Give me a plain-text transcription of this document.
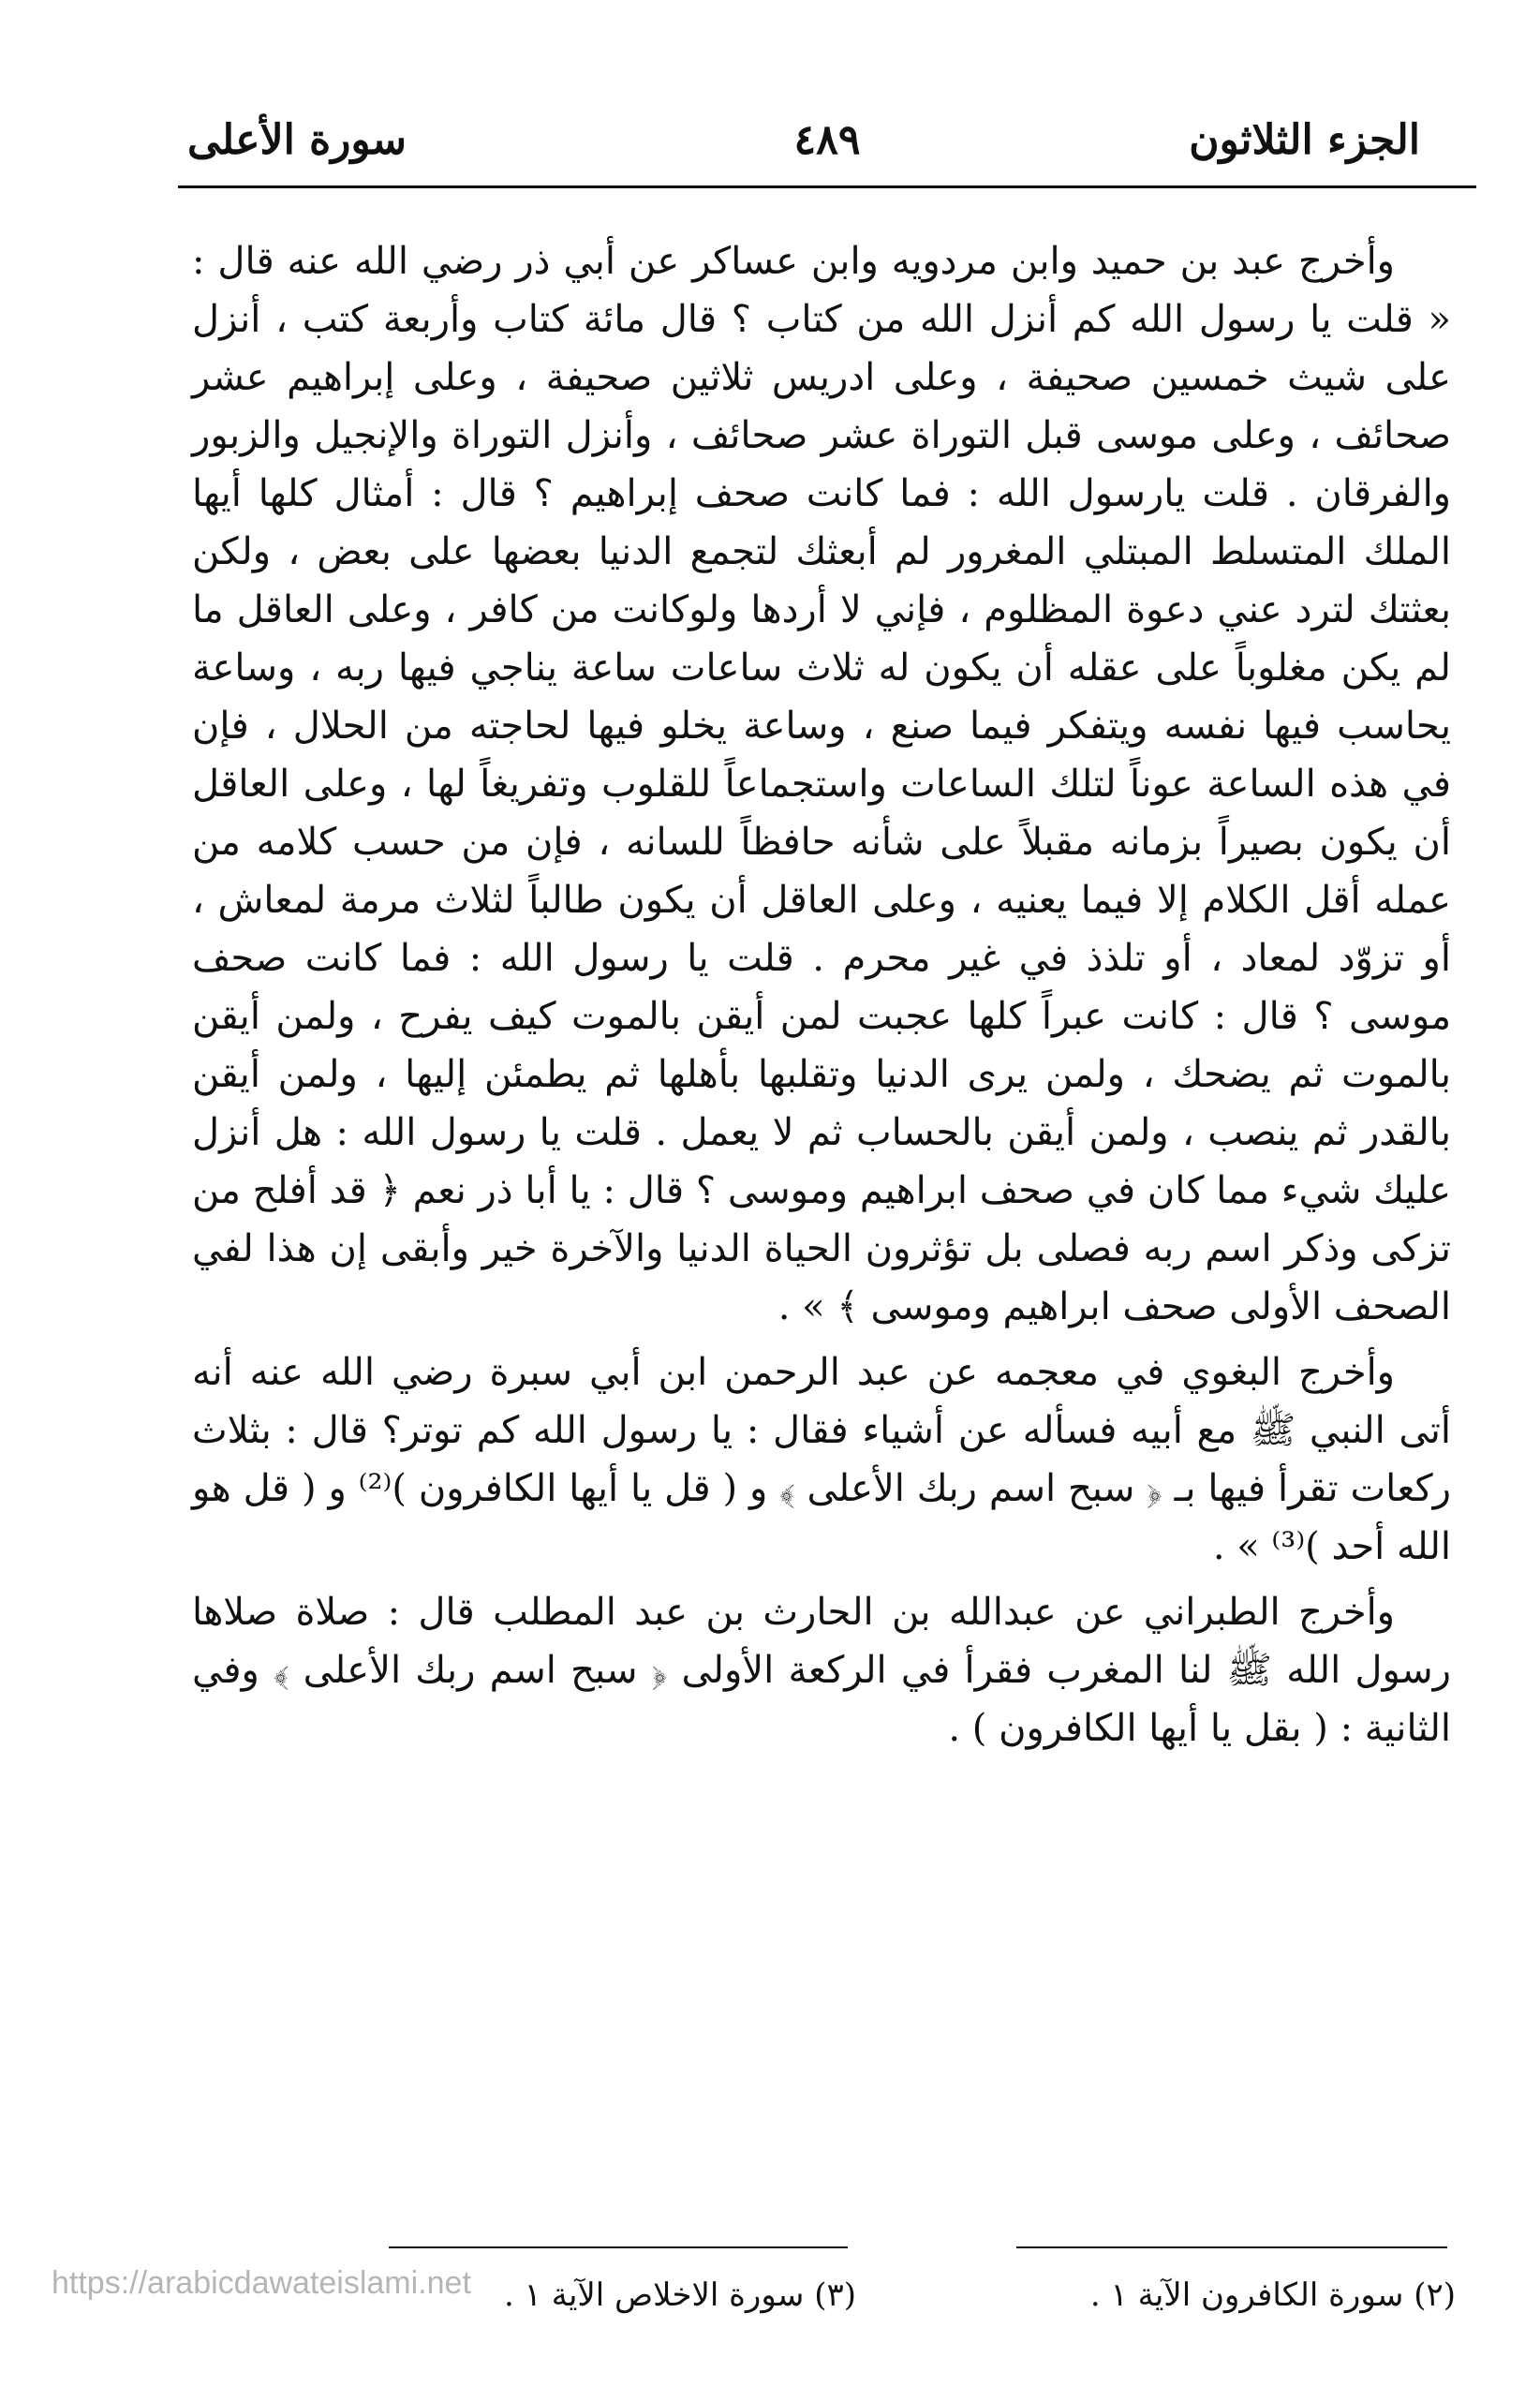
الجزء الثلاثون
٤٨٩
سورة الأعلى

وأخرج عبد بن حميد وابن مردويه وابن عساكر عن أبي ذر رضي الله عنه قال : « قلت يا رسول الله كم أنزل الله من كتاب ؟ قال مائة كتاب وأربعة كتب ، أنزل على شيث خمسين صحيفة ، وعلى ادريس ثلاثين صحيفة ، وعلى إبراهيم عشر صحائف ، وعلى موسى قبل التوراة عشر صحائف ، وأنزل التوراة والإنجيل والزبور والفرقان . قلت يارسول الله : فما كانت صحف إبراهيم ؟ قال : أمثال كلها أيها الملك المتسلط المبتلي المغرور لم أبعثك لتجمع الدنيا بعضها على بعض ، ولكن بعثتك لترد عني دعوة المظلوم ، فإني لا أردها ولوكانت من كافر ، وعلى العاقل ما لم يكن مغلوباً على عقله أن يكون له ثلاث ساعات ساعة يناجي فيها ربه ، وساعة يحاسب فيها نفسه ويتفكر فيما صنع ، وساعة يخلو فيها لحاجته من الحلال ، فإن في هذه الساعة عوناً لتلك الساعات واستجماعاً للقلوب وتفريغاً لها ، وعلى العاقل أن يكون بصيراً بزمانه مقبلاً على شأنه حافظاً للسانه ، فإن من حسب كلامه من عمله أقل الكلام إلا فيما يعنيه ، وعلى العاقل أن يكون طالباً لثلاث مرمة لمعاش ، أو تزوّد لمعاد ، أو تلذذ في غير محرم . قلت يا رسول الله : فما كانت صحف موسى ؟ قال : كانت عبراً كلها عجبت لمن أيقن بالموت كيف يفرح ، ولمن أيقن بالموت ثم يضحك ، ولمن يرى الدنيا وتقلبها بأهلها ثم يطمئن إليها ، ولمن أيقن بالقدر ثم ينصب ، ولمن أيقن بالحساب ثم لا يعمل . قلت يا رسول الله : هل أنزل عليك شيء مما كان في صحف ابراهيم وموسى ؟ قال : يا أبا ذر نعم ﴿ قد أفلح من تزكى وذكر اسم ربه فصلى بل تؤثرون الحياة الدنيا والآخرة خير وأبقى إن هذا لفي الصحف الأولى صحف ابراهيم وموسى ﴾ » .

وأخرج البغوي في معجمه عن عبد الرحمن ابن أبي سبرة رضي الله عنه أنه أتى النبي ﷺ مع أبيه فسأله عن أشياء فقال : يا رسول الله كم توتر؟ قال : بثلاث ركعات تقرأ فيها بـ ﴿ سبح اسم ربك الأعلى ﴾ و ( قل يا أيها الكافرون )⁽²⁾ و ( قل هو الله أحد )⁽³⁾ » .

وأخرج الطبراني عن عبدالله بن الحارث بن عبد المطلب قال : صلاة صلاها رسول الله ﷺ لنا المغرب فقرأ في الركعة الأولى ﴿ سبح اسم ربك الأعلى ﴾ وفي الثانية : ( بقل يا أيها الكافرون ) .

(٢) سورة الكافرون الآية ١ .
(٣) سورة الاخلاص الآية ١ .
https://arabicdawateislami.net
